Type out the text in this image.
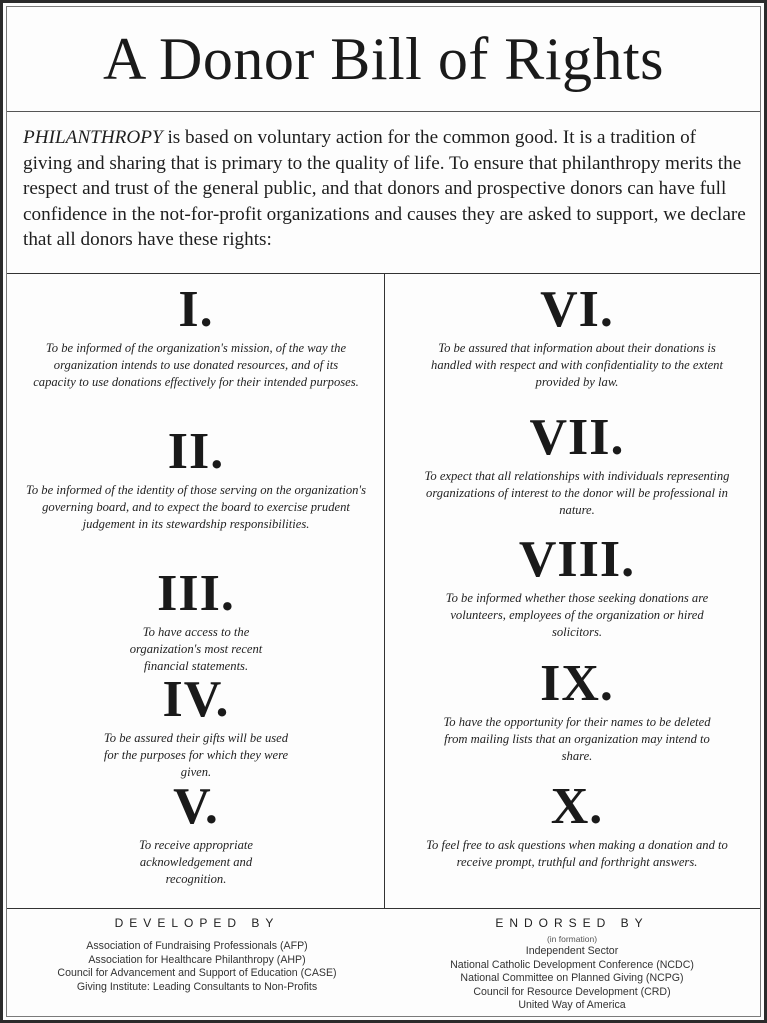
A Donor Bill of Rights
PHILANTHROPY is based on voluntary action for the common good. It is a tradition of giving and sharing that is primary to the quality of life. To ensure that philanthropy merits the respect and trust of the general public, and that donors and prospective donors can have full confidence in the not-for-profit organizations and causes they are asked to support, we declare that all donors have these rights:
I.
To be informed of the organization's mission, of the way the organization intends to use donated resources, and of its capacity to use donations effectively for their intended purposes.
II.
To be informed of the identity of those serving on the organization's governing board, and to expect the board to exercise prudent judgement in its stewardship responsibilities.
III.
To have access to the organization's most recent financial statements.
IV.
To be assured their gifts will be used for the purposes for which they were given.
V.
To receive appropriate acknowledgement and recognition.
VI.
To be assured that information about their donations is handled with respect and with confidentiality to the extent provided by law.
VII.
To expect that all relationships with individuals representing organizations of interest to the donor will be professional in nature.
VIII.
To be informed whether those seeking donations are volunteers, employees of the organization or hired solicitors.
IX.
To have the opportunity for their names to be deleted from mailing lists that an organization may intend to share.
X.
To feel free to ask questions when making a donation and to receive prompt, truthful and forthright answers.
DEVELOPED BY
Association of Fundraising Professionals (AFP)
Association for Healthcare Philanthropy (AHP)
Council for Advancement and Support of Education (CASE)
Giving Institute: Leading Consultants to Non-Profits
ENDORSED BY
(in formation)
Independent Sector
National Catholic Development Conference (NCDC)
National Committee on Planned Giving (NCPG)
Council for Resource Development (CRD)
United Way of America
